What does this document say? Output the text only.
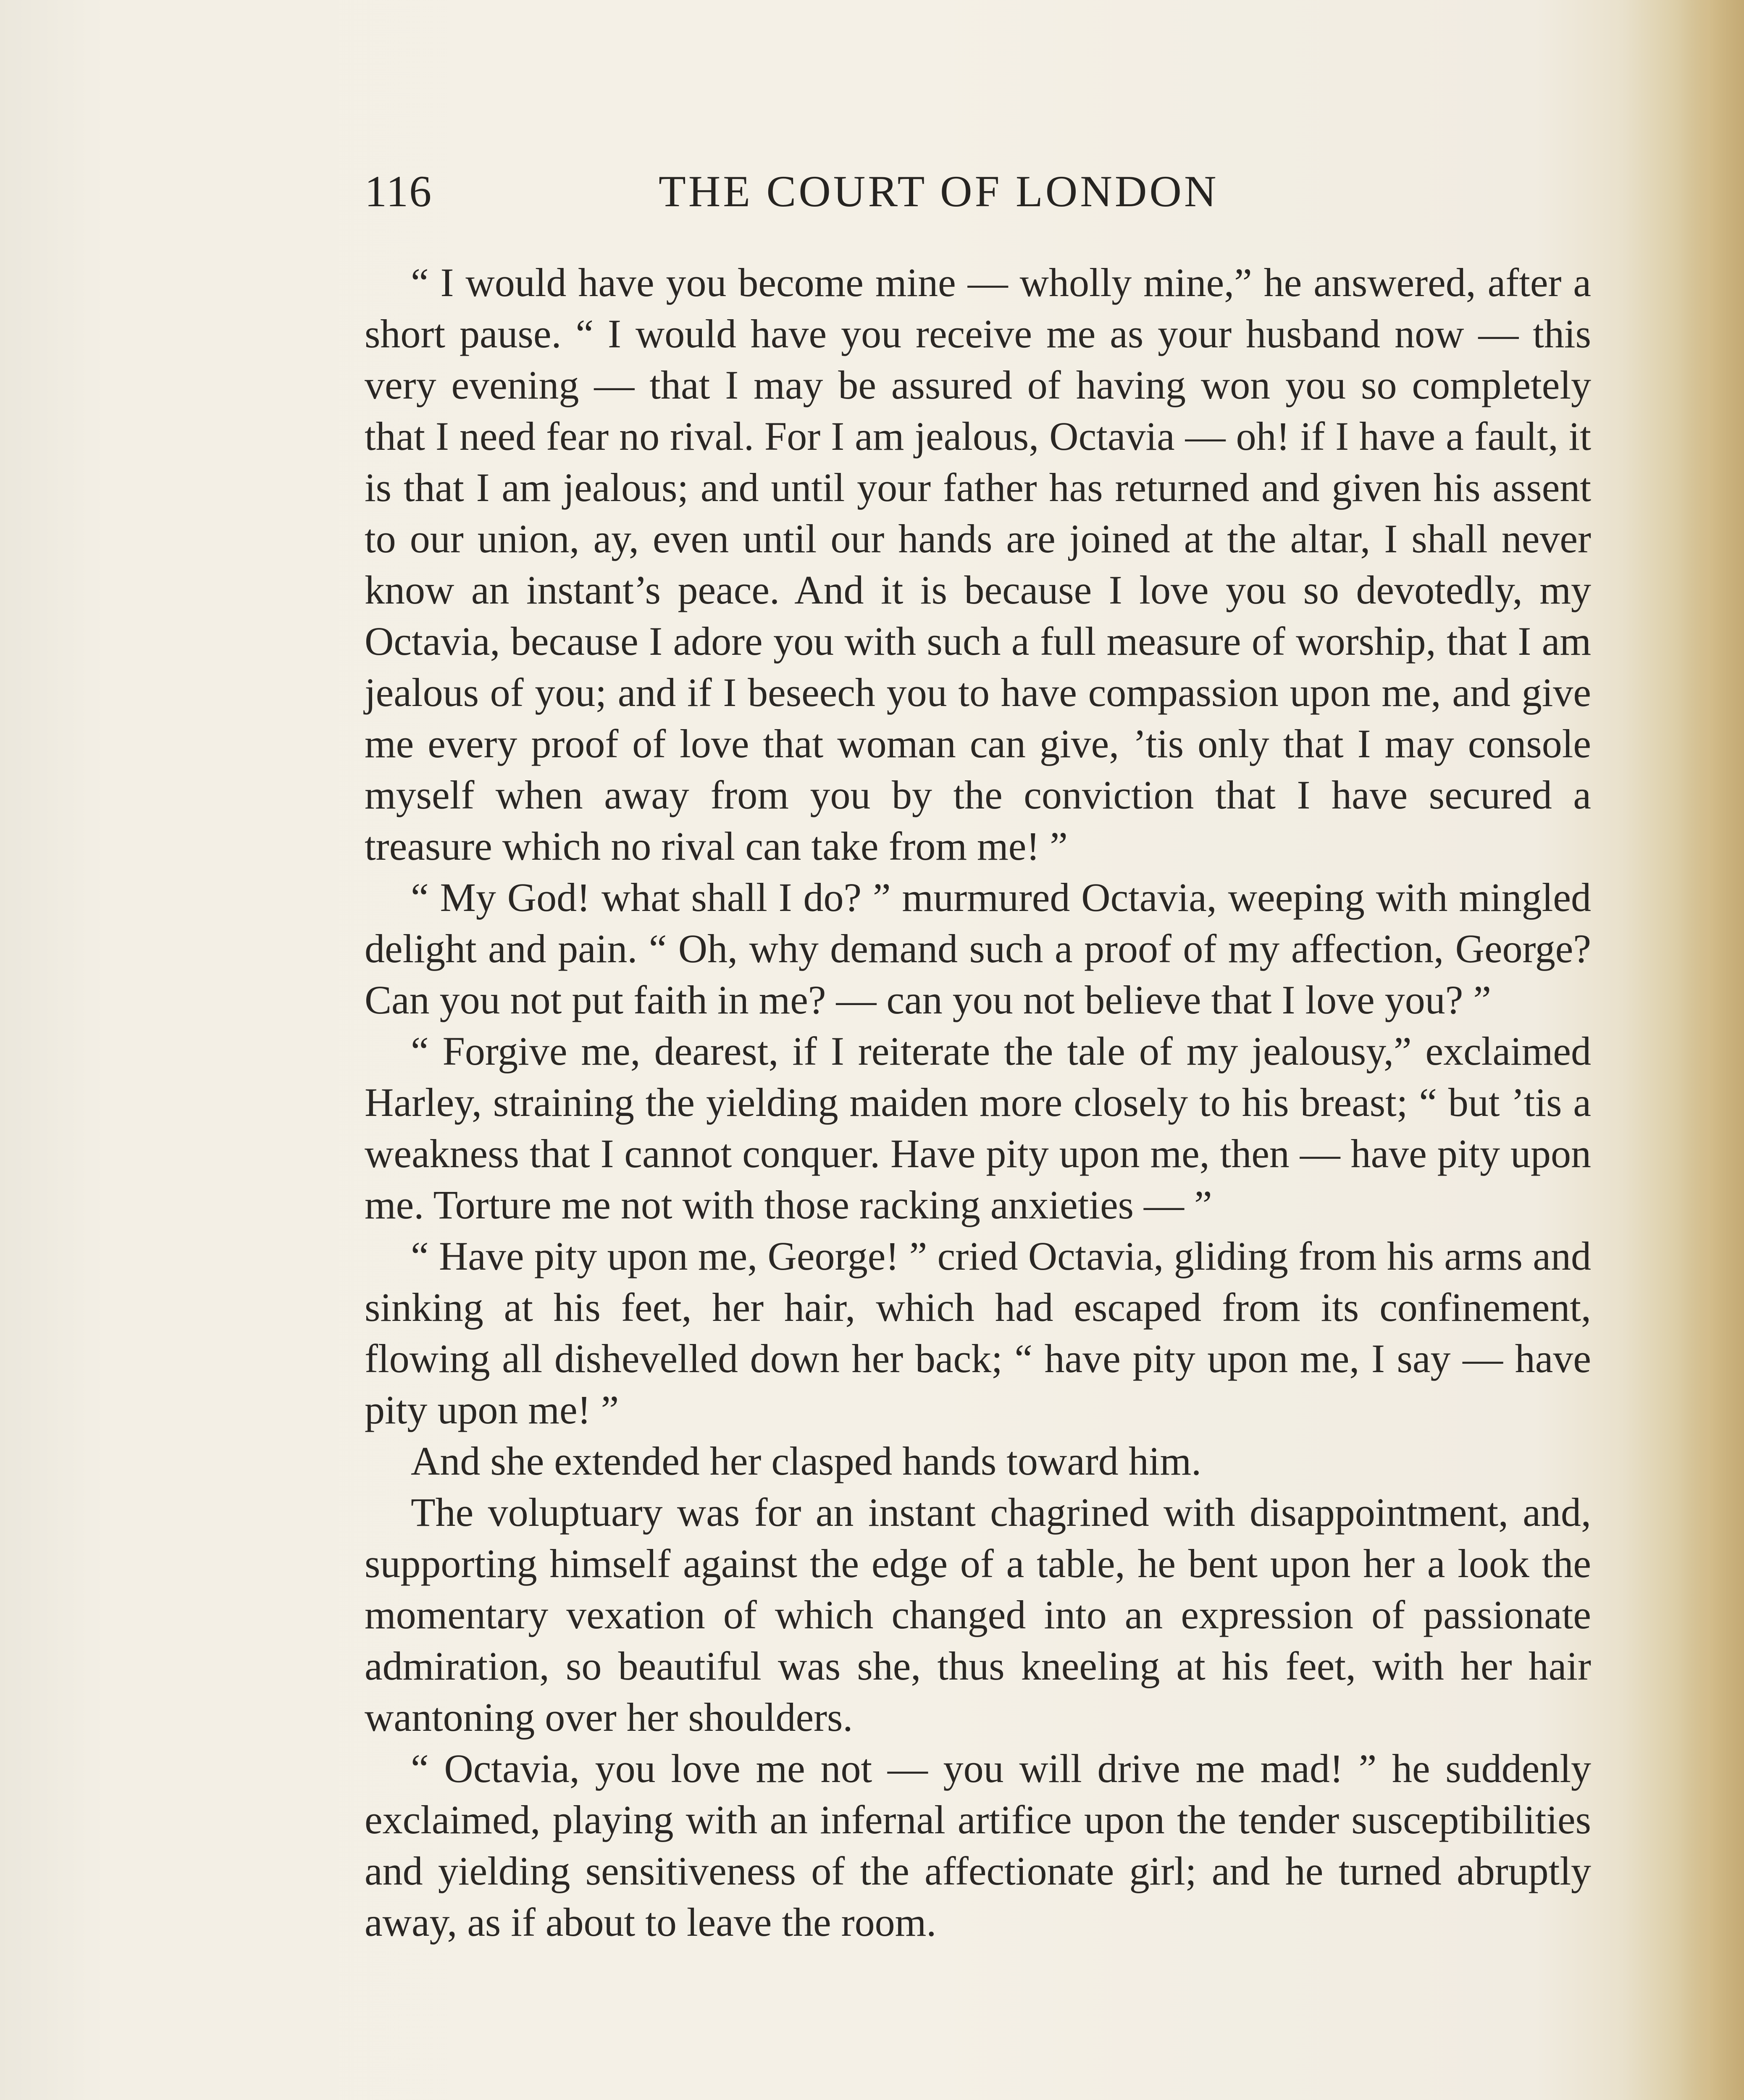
116	THE COURT OF LONDON

“ I would have you become mine — wholly mine,” he answered, after a short pause. “ I would have you receive me as your husband now — this very evening — that I may be assured of having won you so completely that I need fear no rival. For I am jealous, Octavia — oh! if I have a fault, it is that I am jealous; and until your father has returned and given his assent to our union, ay, even until our hands are joined at the altar, I shall never know an instant’s peace. And it is because I love you so devotedly, my Octavia, because I adore you with such a full measure of worship, that I am jealous of you; and if I beseech you to have compassion upon me, and give me every proof of love that woman can give, ’tis only that I may console myself when away from you by the conviction that I have secured a treasure which no rival can take from me! ”

“ My God! what shall I do? ” murmured Octavia, weeping with mingled delight and pain. “ Oh, why demand such a proof of my affection, George? Can you not put faith in me? — can you not believe that I love you? ”

“ Forgive me, dearest, if I reiterate the tale of my jealousy,” exclaimed Harley, straining the yielding maiden more closely to his breast; “ but ’tis a weakness that I cannot conquer. Have pity upon me, then — have pity upon me. Torture me not with those racking anxieties — ”

“ Have pity upon me, George! ” cried Octavia, gliding from his arms and sinking at his feet, her hair, which had escaped from its confinement, flowing all dishevelled down her back; “ have pity upon me, I say — have pity upon me! ”

And she extended her clasped hands toward him.

The voluptuary was for an instant chagrined with disappointment, and, supporting himself against the edge of a table, he bent upon her a look the momentary vexation of which changed into an expression of passionate admiration, so beautiful was she, thus kneeling at his feet, with her hair wantoning over her shoulders.

“ Octavia, you love me not — you will drive me mad! ” he suddenly exclaimed, playing with an infernal artifice upon the tender susceptibilities and yielding sensitiveness of the affectionate girl; and he turned abruptly away, as if about to leave the room.
